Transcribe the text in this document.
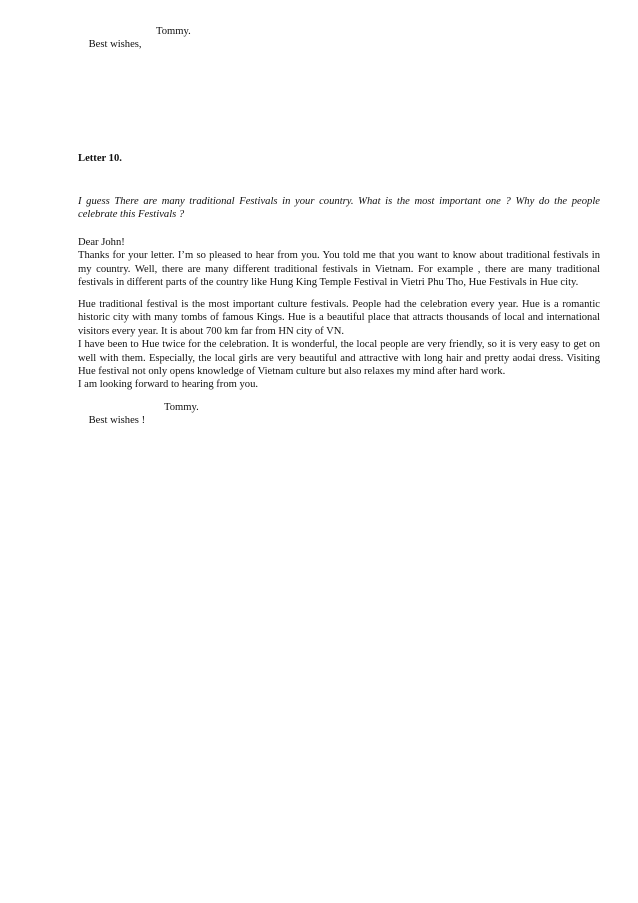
Best wishes,

Tommy.

Letter 10.
I guess There are many traditional Festivals in your country. What is the most important one ? Why do the people celebrate this Festivals ?
Dear John!
Thanks for your letter. I’m so pleased to hear from you. You told me that you want to know about traditional festivals in my country. Well, there are many different traditional festivals in Vietnam. For example , there are many traditional festivals in different parts of the country like Hung King Temple Festival in Vietri Phu Tho, Hue Festivals in Hue city.
Hue traditional festival is the most important culture festivals. People had the celebration every year. Hue is a romantic historic city with many tombs of famous Kings. Hue is a beautiful place that attracts thousands of local and international visitors every year. It is about 700 km far from HN city of VN.
I have been to Hue twice for the celebration. It is wonderful, the local people are very friendly, so it is very easy to get on well with them. Especially, the local girls are very beautiful and attractive with long hair and pretty aodai dress. Visiting Hue festival not only opens knowledge of Vietnam culture but also relaxes my mind after hard work.
I am looking forward to hearing from you.

Best wishes !

Tommy.
